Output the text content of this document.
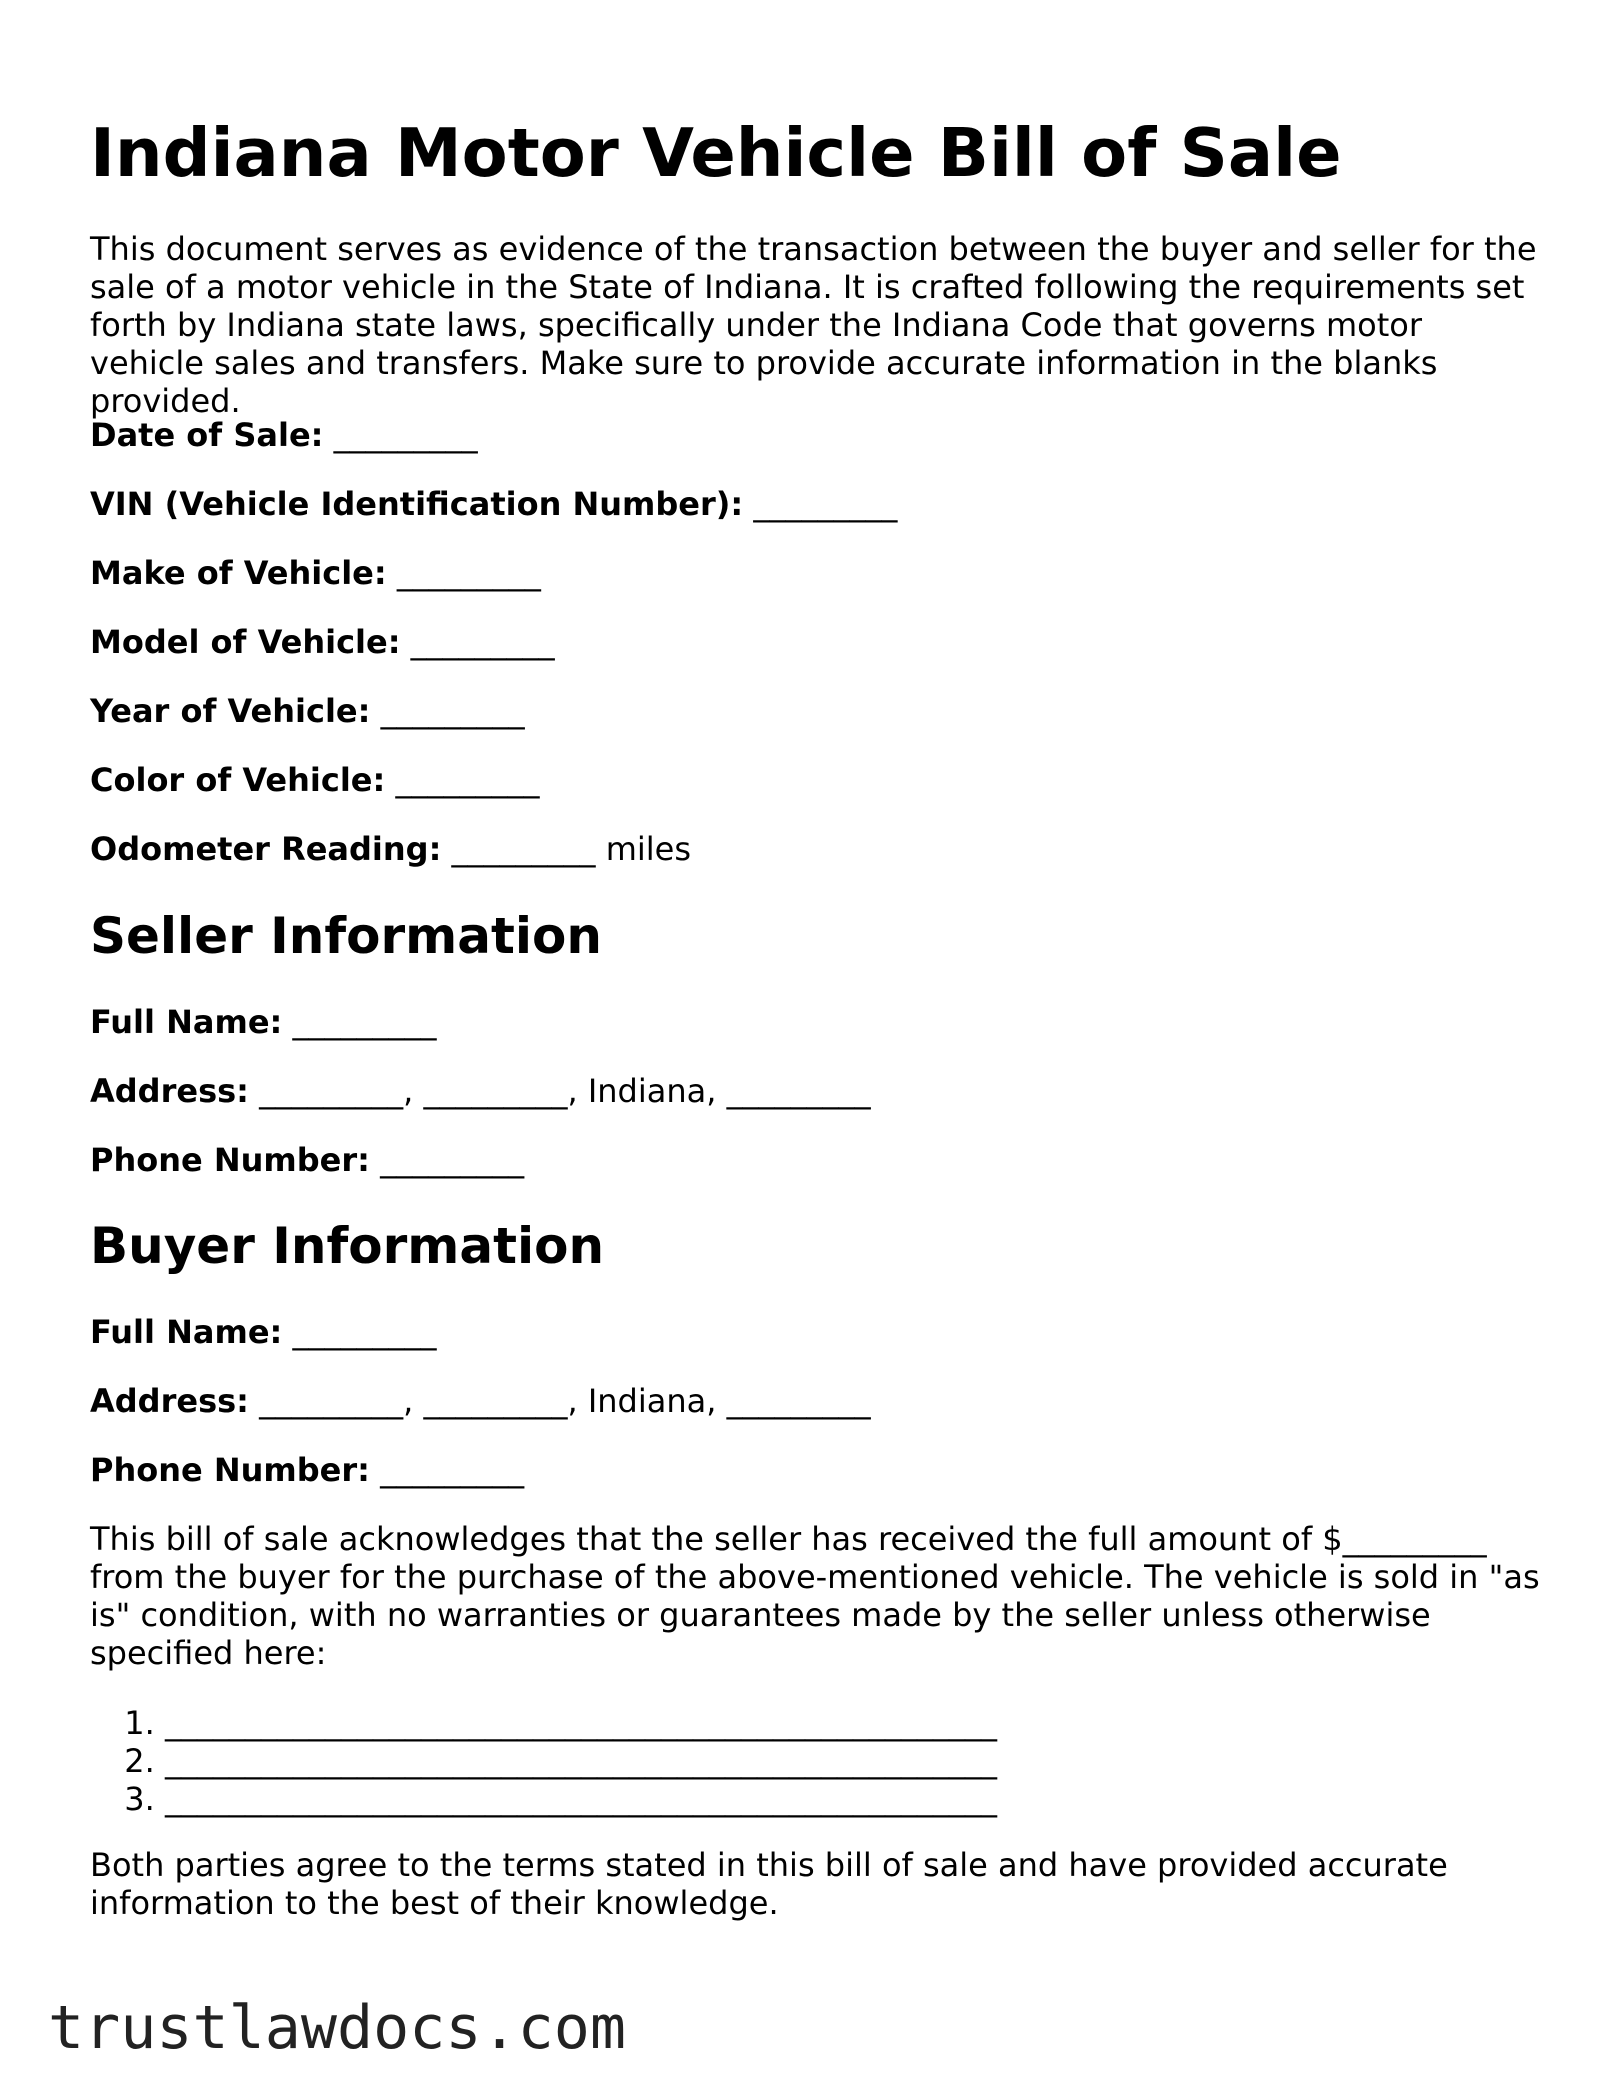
Indiana Motor Vehicle Bill of Sale

This document serves as evidence of the transaction between the buyer and seller for the sale of a motor vehicle in the State of Indiana. It is crafted following the requirements set forth by Indiana state laws, specifically under the Indiana Code that governs motor vehicle sales and transfers. Make sure to provide accurate information in the blanks provided.

Date of Sale: _________
VIN (Vehicle Identification Number): _________
Make of Vehicle: _________
Model of Vehicle: _________
Year of Vehicle: _________
Color of Vehicle: _________
Odometer Reading: _________ miles
Seller Information
Full Name: _________
Address: _________, _________, Indiana, _________
Phone Number: _________
Buyer Information
Full Name: _________
Address: _________, _________, Indiana, _________
Phone Number: _________

This bill of sale acknowledges that the seller has received the full amount of $_________ from the buyer for the purchase of the above-mentioned vehicle. The vehicle is sold in "as is" condition, with no warranties or guarantees made by the seller unless otherwise specified here:

1. ____________________________________________________
2. ____________________________________________________
3. ____________________________________________________

Both parties agree to the terms stated in this bill of sale and have provided accurate information to the best of their knowledge.

trustlawdocs.com
